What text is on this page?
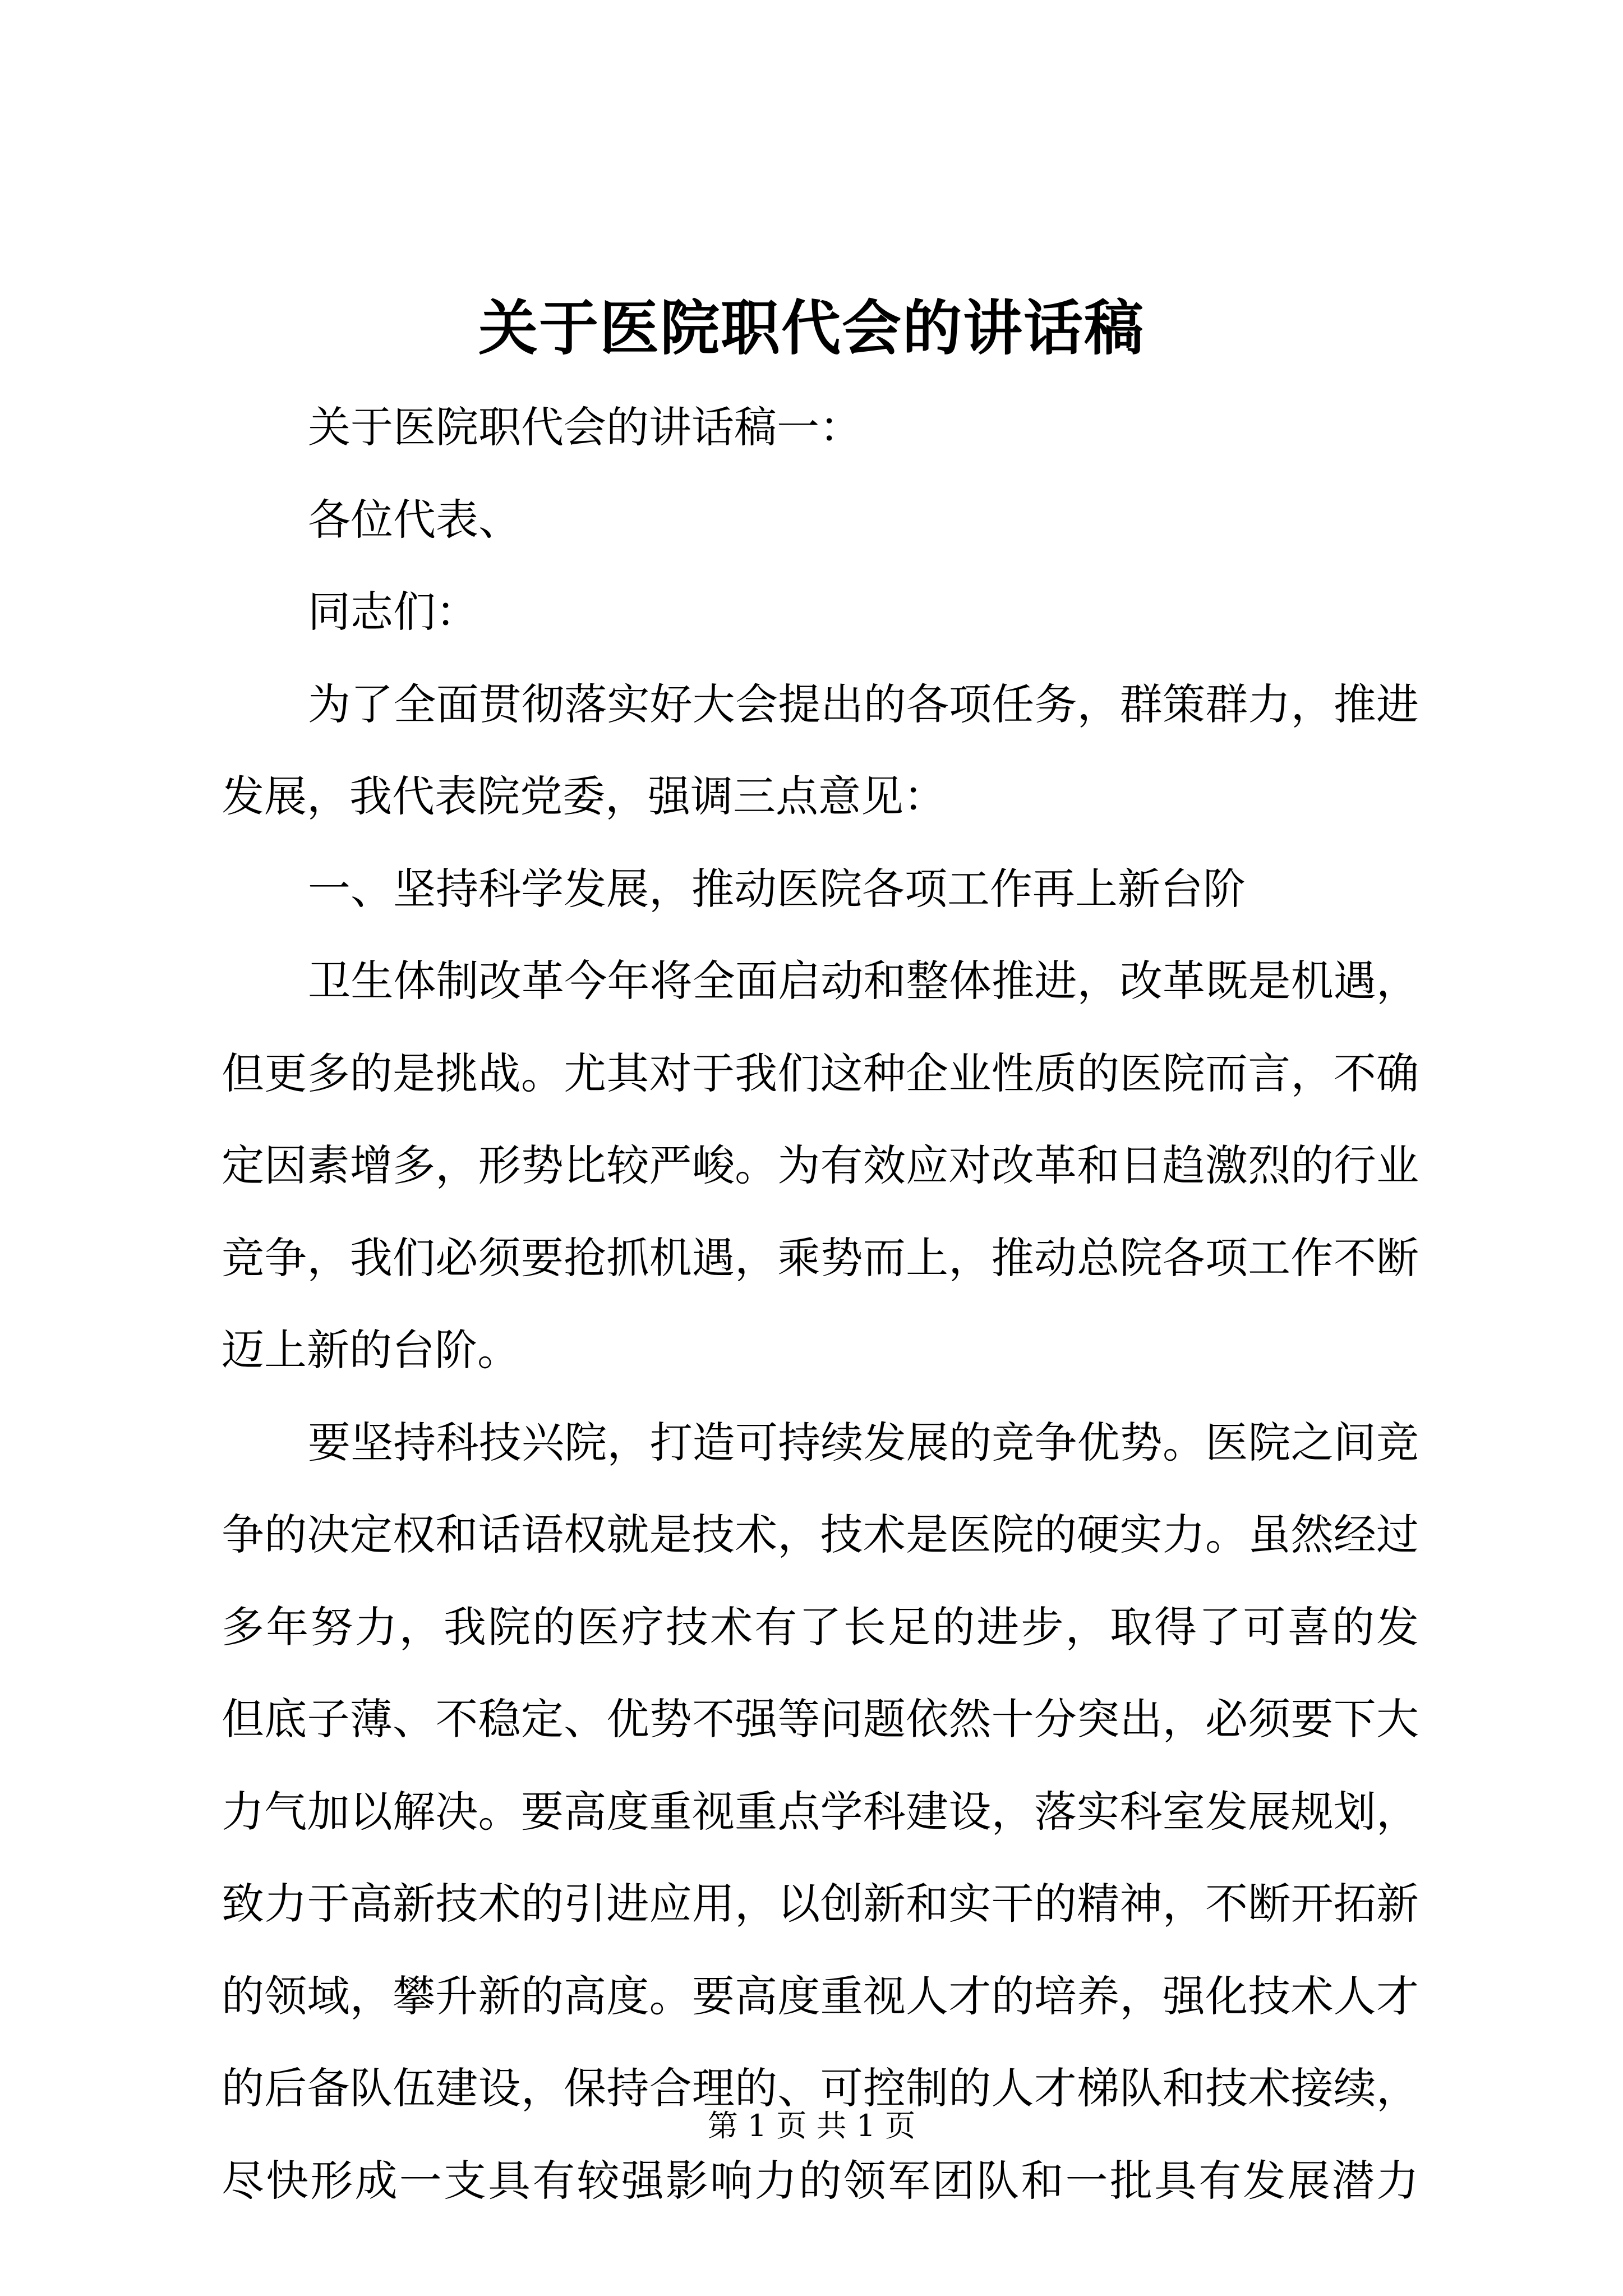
关于医院职代会的讲话稿
关于医院职代会的讲话稿一：
各位代表、
同志们：
为了全面贯彻落实好大会提出的各项任务，群策群力，推进
发展，我代表院党委，强调三点意见：
一、坚持科学发展，推动医院各项工作再上新台阶
卫生体制改革今年将全面启动和整体推进，改革既是机遇，
但更多的是挑战。尤其对于我们这种企业性质的医院而言，不确
定因素增多，形势比较严峻。为有效应对改革和日趋激烈的行业
竞争，我们必须要抢抓机遇，乘势而上，推动总院各项工作不断
迈上新的台阶。
要坚持科技兴院，打造可持续发展的竞争优势。医院之间竞
争的决定权和话语权就是技术，技术是医院的硬实力。虽然经过
多年努力，我院的医疗技术有了长足的进步，取得了可喜的发
但底子薄、不稳定、优势不强等问题依然十分突出，必须要下大
力气加以解决。要高度重视重点学科建设，落实科室发展规划，
致力于高新技术的引进应用，以创新和实干的精神，不断开拓新
的领域，攀升新的高度。要高度重视人才的培养，强化技术人才
的后备队伍建设，保持合理的、可控制的人才梯队和技术接续，
尽快形成一支具有较强影响力的领军团队和一批具有发展潜力
第 1 页 共 1 页
